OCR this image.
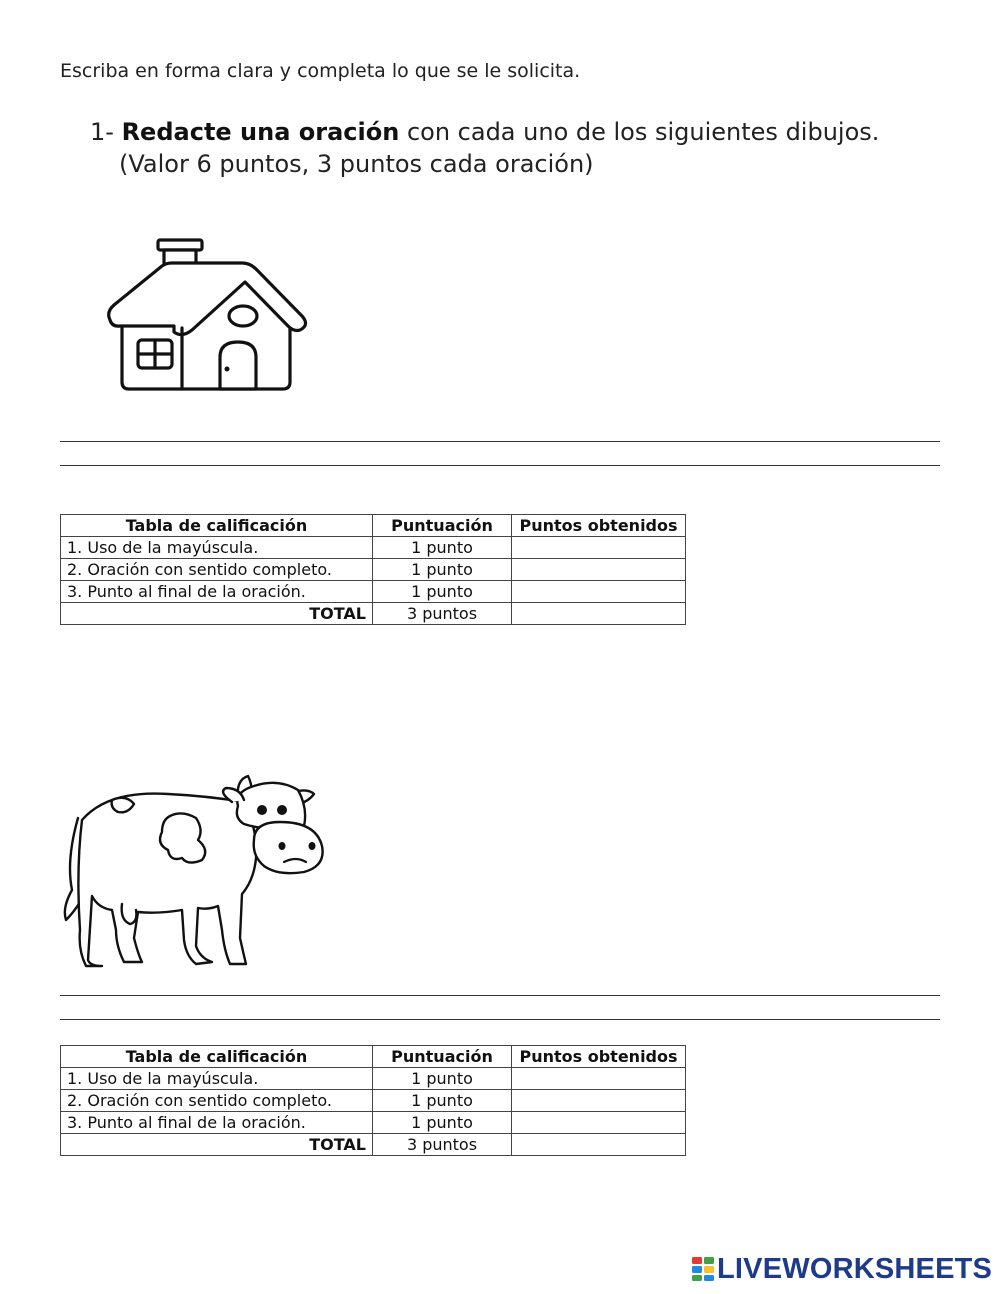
Escriba en forma clara y completa lo que se le solicita.
1- Redacte una oración con cada uno de los siguientes dibujos.
(Valor 6 puntos, 3 puntos cada oración)
Tabla de calificación	Puntuación	Puntos obtenidos
1. Uso de la mayúscula.	1 punto	
2. Oración con sentido completo.	1 punto	
3. Punto al final de la oración.	1 punto	
TOTAL	3 puntos	
Tabla de calificación	Puntuación	Puntos obtenidos
1. Uso de la mayúscula.	1 punto	
2. Oración con sentido completo.	1 punto	
3. Punto al final de la oración.	1 punto	
TOTAL	3 puntos	
LIVEWORKSHEETS
